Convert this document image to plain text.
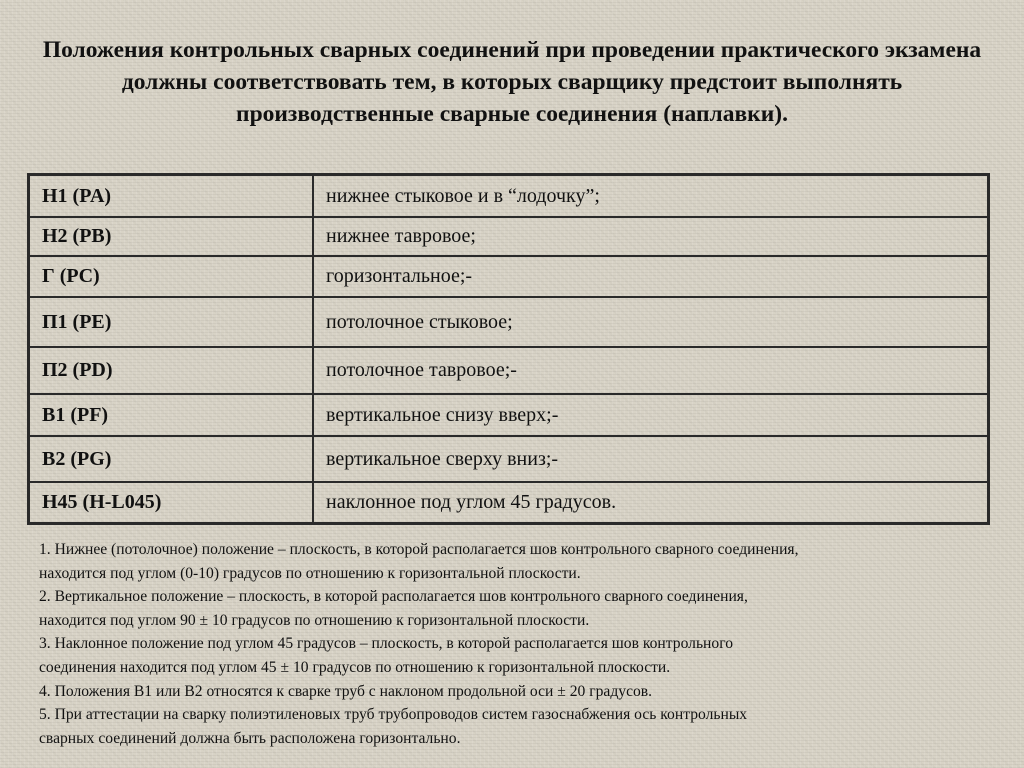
Положения контрольных сварных соединений при проведении практического экзамена должны соответствовать тем, в которых сварщику предстоит выполнять производственные сварные соединения (наплавки).
Н1 (PA)	нижнее стыковое и в “лодочку”;
Н2 (PB)	нижнее тавровое;
Г (PC)	горизонтальное;-
П1 (PE)	потолочное стыковое;
П2 (PD)	потолочное тавровое;-
В1 (PF)	вертикальное снизу вверх;-
В2 (PG)	вертикальное сверху вниз;-
Н45 (H-L045)	наклонное под углом 45 градусов.
1. Нижнее (потолочное) положение – плоскость, в которой располагается шов контрольного сварного соединения,
находится под углом (0-10) градусов по отношению к горизонтальной плоскости.
2. Вертикальное положение – плоскость, в которой располагается шов контрольного сварного соединения,
находится под углом 90 ± 10 градусов по отношению к горизонтальной плоскости.
3. Наклонное положение под углом 45 градусов – плоскость, в которой располагается шов контрольного
соединения находится под углом 45 ± 10 градусов по отношению к горизонтальной плоскости.
4. Положения В1 или В2 относятся к сварке труб с наклоном продольной оси ± 20 градусов.
5. При аттестации на сварку полиэтиленовых труб трубопроводов систем газоснабжения ось контрольных
сварных соединений должна быть расположена горизонтально.
